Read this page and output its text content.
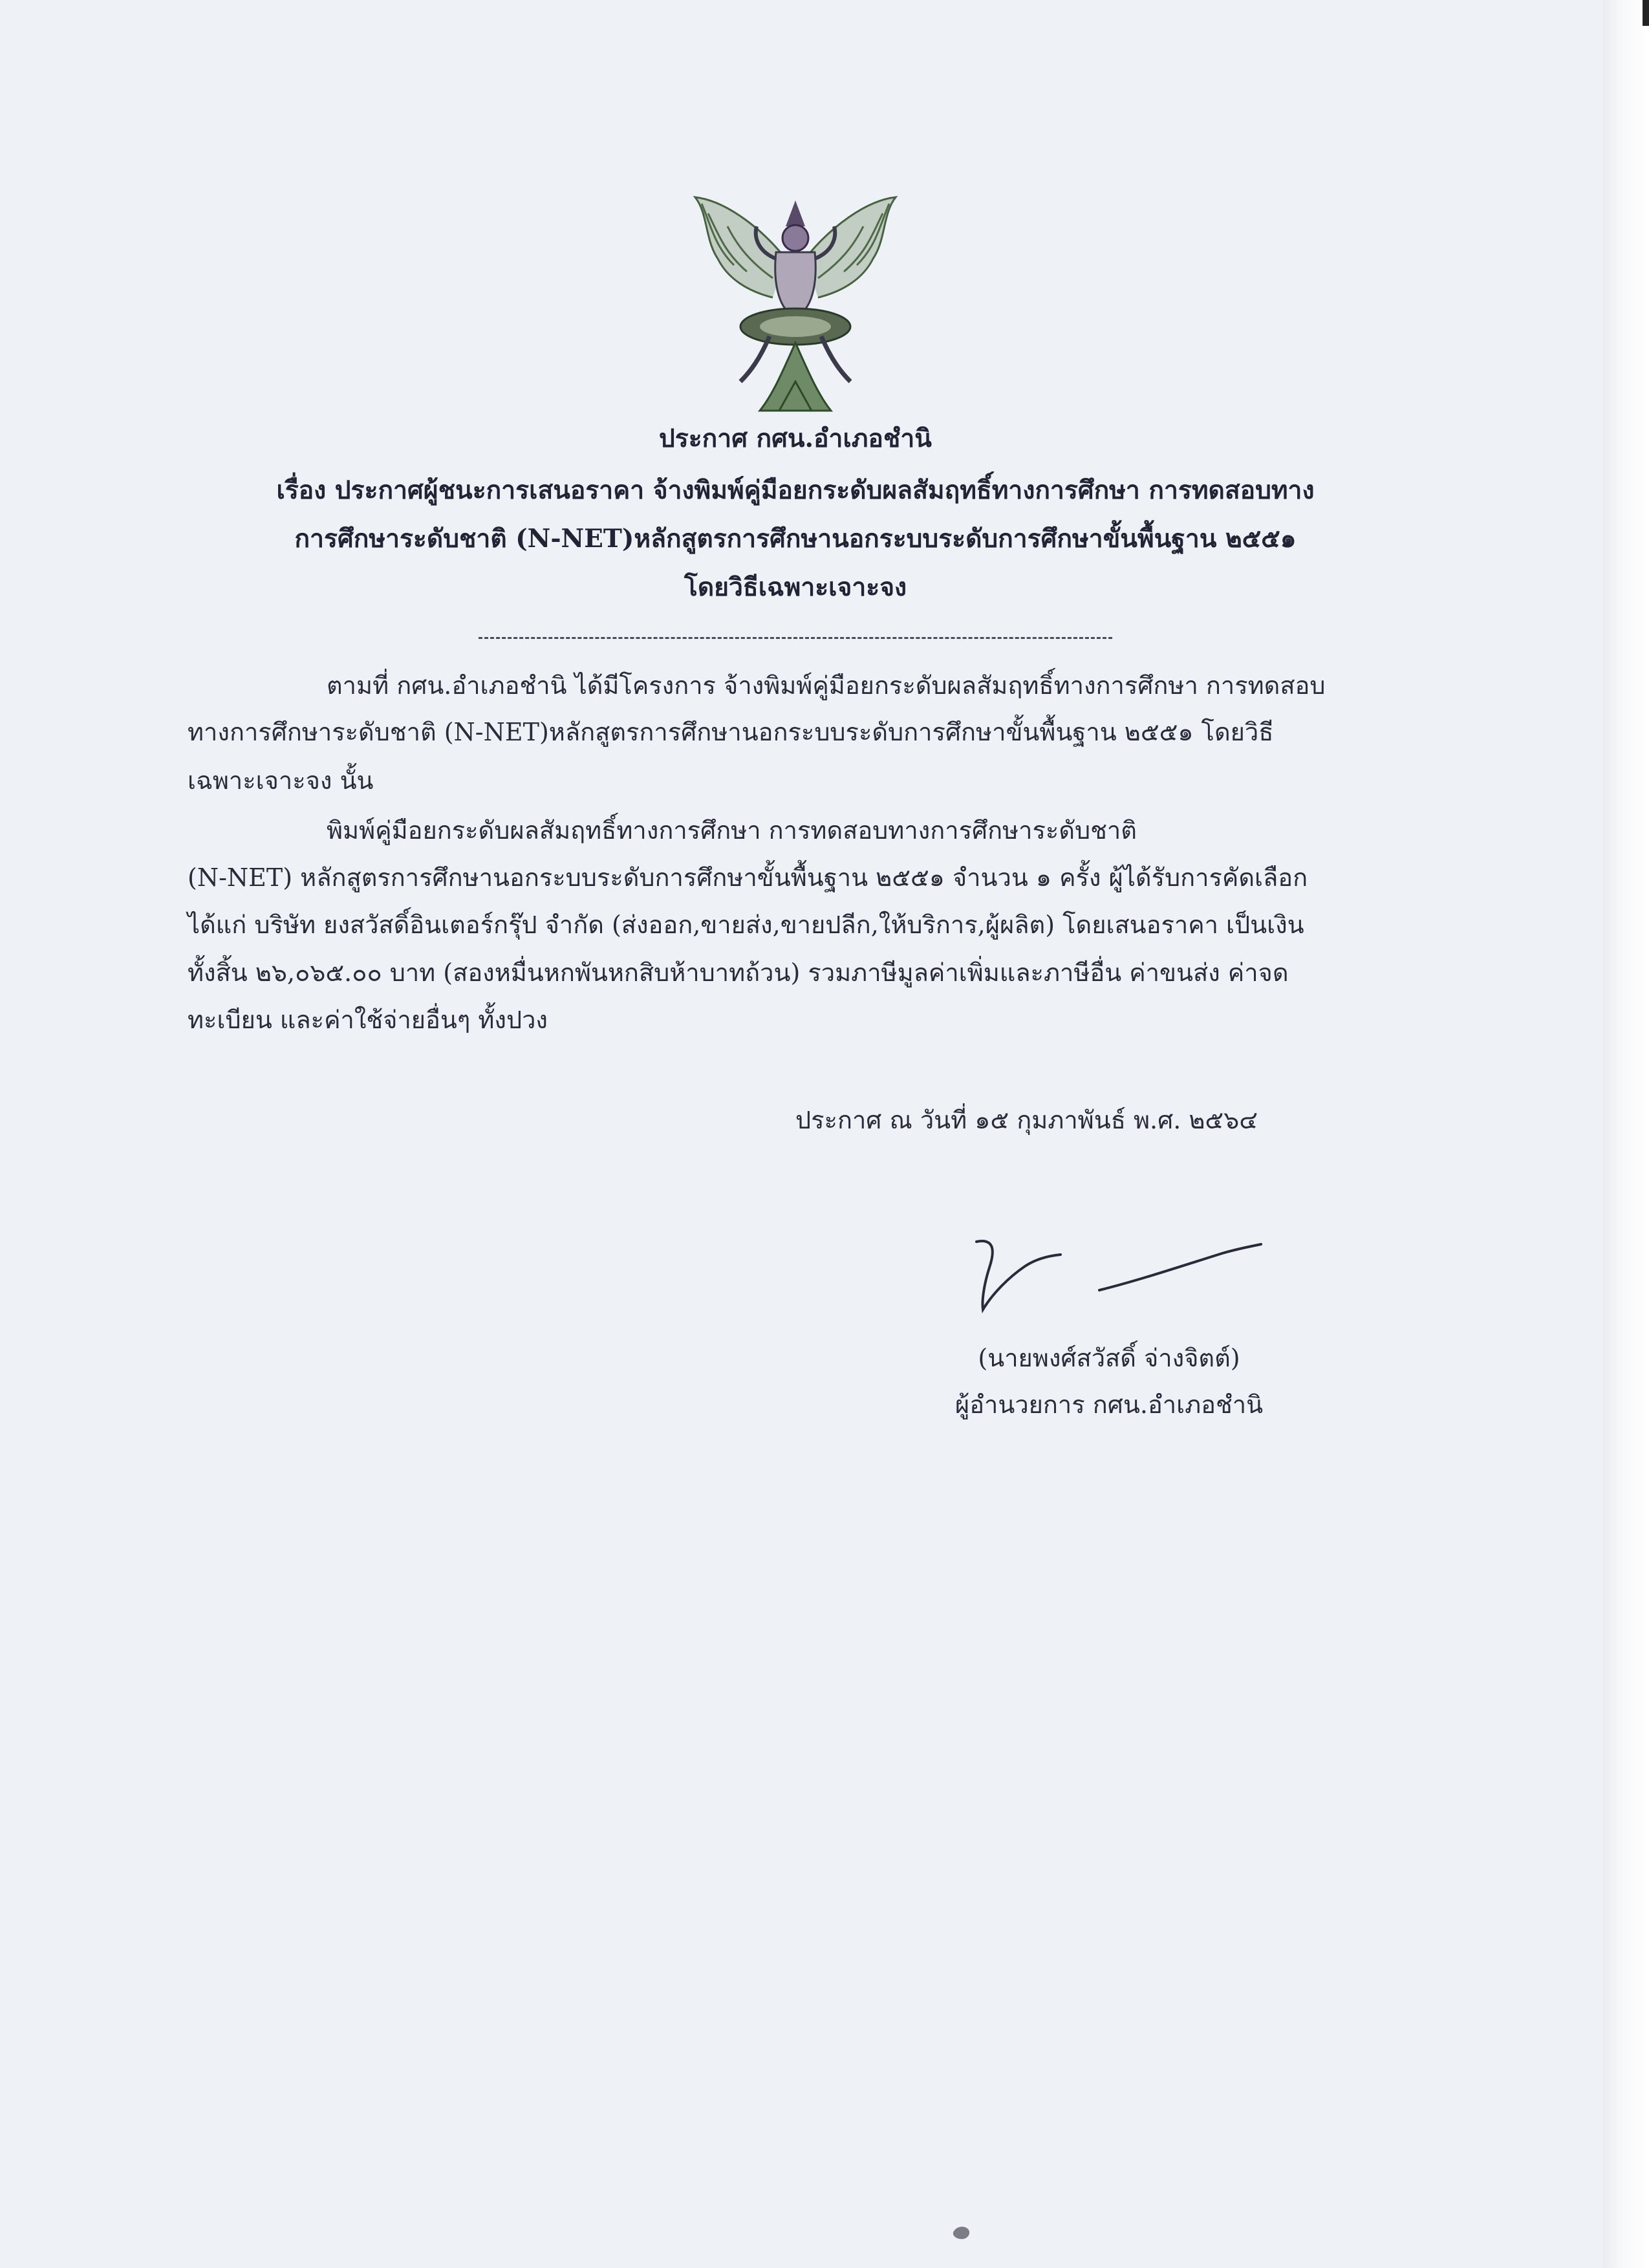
ประกาศ กศน.อำเภอชำนิ
เรื่อง ประกาศผู้ชนะการเสนอราคา จ้างพิมพ์คู่มือยกระดับผลสัมฤทธิ์ทางการศึกษา การทดสอบทาง
การศึกษาระดับชาติ (N-NET)หลักสูตรการศึกษานอกระบบระดับการศึกษาขั้นพื้นฐาน ๒๕๕๑
โดยวิธีเฉพาะเจาะจง
ตามที่ กศน.อำเภอชำนิ ได้มีโครงการ จ้างพิมพ์คู่มือยกระดับผลสัมฤทธิ์ทางการศึกษา การทดสอบ
ทางการศึกษาระดับชาติ (N-NET)หลักสูตรการศึกษานอกระบบระดับการศึกษาขั้นพื้นฐาน ๒๕๕๑ โดยวิธี
เฉพาะเจาะจง นั้น
พิมพ์คู่มือยกระดับผลสัมฤทธิ์ทางการศึกษา การทดสอบทางการศึกษาระดับชาติ
(N-NET) หลักสูตรการศึกษานอกระบบระดับการศึกษาขั้นพื้นฐาน ๒๕๕๑ จำนวน ๑ ครั้ง ผู้ได้รับการคัดเลือก
ได้แก่ บริษัท ยงสวัสดิ์อินเตอร์กรุ๊ป จำกัด (ส่งออก,ขายส่ง,ขายปลีก,ให้บริการ,ผู้ผลิต) โดยเสนอราคา เป็นเงิน
ทั้งสิ้น ๒๖,๐๖๕.๐๐ บาท (สองหมื่นหกพันหกสิบห้าบาทถ้วน) รวมภาษีมูลค่าเพิ่มและภาษีอื่น ค่าขนส่ง ค่าจด
ทะเบียน และค่าใช้จ่ายอื่นๆ ทั้งปวง
ประกาศ ณ วันที่ ๑๕ กุมภาพันธ์ พ.ศ. ๒๕๖๔
(นายพงศ์สวัสดิ์ จ่างจิตต์)
ผู้อำนวยการ กศน.อำเภอชำนิ
